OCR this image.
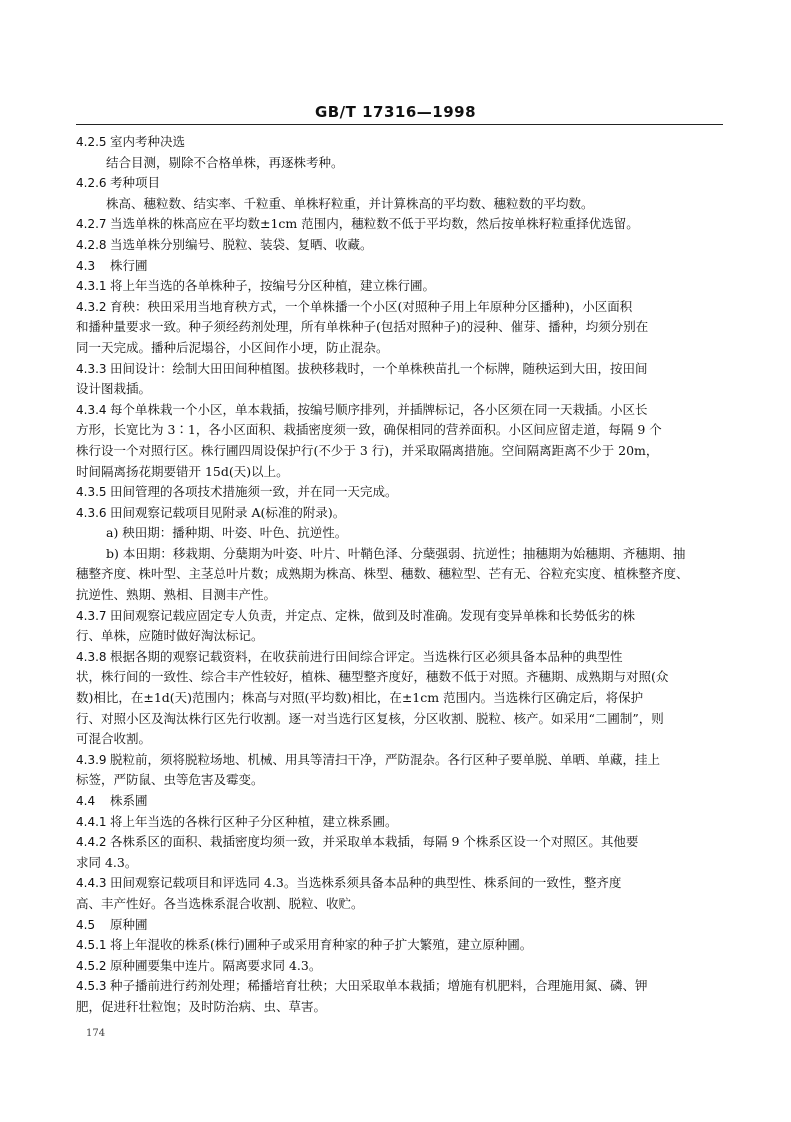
GB/T 17316—1998
4.2.5 室内考种决选
结合目测，剔除不合格单株，再逐株考种。
4.2.6 考种项目
株高、穗粒数、结实率、千粒重、单株籽粒重，并计算株高的平均数、穗粒数的平均数。
4.2.7 当选单株的株高应在平均数±1cm 范围内，穗粒数不低于平均数，然后按单株籽粒重择优选留。
4.2.8 当选单株分别编号、脱粒、装袋、复晒、收藏。
4.3 株行圃
4.3.1 将上年当选的各单株种子，按编号分区种植，建立株行圃。
4.3.2 育秧：秧田采用当地育秧方式，一个单株播一个小区(对照种子用上年原种分区播种)，小区面积
和播种量要求一致。种子须经药剂处理，所有单株种子(包括对照种子)的浸种、催芽、播种，均须分别在
同一天完成。播种后泥塌谷，小区间作小埂，防止混杂。
4.3.3 田间设计：绘制大田田间种植图。拔秧移栽时，一个单株秧苗扎一个标牌，随秧运到大田，按田间
设计图栽插。
4.3.4 每个单株栽一个小区，单本栽插，按编号顺序排列，并插牌标记，各小区须在同一天栽插。小区长
方形，长宽比为 3∶1，各小区面积、栽插密度须一致，确保相同的营养面积。小区间应留走道，每隔 9 个
株行设一个对照行区。株行圃四周设保护行(不少于 3 行)，并采取隔离措施。空间隔离距离不少于 20m，
时间隔离扬花期要错开 15d(天)以上。
4.3.5 田间管理的各项技术措施须一致，并在同一天完成。
4.3.6 田间观察记载项目见附录 A(标准的附录)。
a) 秧田期：播种期、叶姿、叶色、抗逆性。
b) 本田期：移栽期、分蘖期为叶姿、叶片、叶鞘色泽、分蘖强弱、抗逆性；抽穗期为始穗期、齐穗期、抽
穗整齐度、株叶型、主茎总叶片数；成熟期为株高、株型、穗数、穗粒型、芒有无、谷粒充实度、植株整齐度、
抗逆性、熟期、熟相、目测丰产性。
4.3.7 田间观察记载应固定专人负责，并定点、定株，做到及时准确。发现有变异单株和长势低劣的株
行、单株，应随时做好淘汰标记。
4.3.8 根据各期的观察记载资料，在收获前进行田间综合评定。当选株行区必须具备本品种的典型性
状，株行间的一致性、综合丰产性较好，植株、穗型整齐度好，穗数不低于对照。齐穗期、成熟期与对照(众
数)相比，在±1d(天)范围内；株高与对照(平均数)相比，在±1cm 范围内。当选株行区确定后，将保护
行、对照小区及淘汰株行区先行收割。逐一对当选行区复核，分区收割、脱粒、核产。如采用“二圃制”，则
可混合收割。
4.3.9 脱粒前，须将脱粒场地、机械、用具等清扫干净，严防混杂。各行区种子要单脱、单晒、单藏，挂上
标签，严防鼠、虫等危害及霉变。
4.4 株系圃
4.4.1 将上年当选的各株行区种子分区种植，建立株系圃。
4.4.2 各株系区的面积、栽插密度均须一致，并采取单本栽插，每隔 9 个株系区设一个对照区。其他要
求同 4.3。
4.4.3 田间观察记载项目和评选同 4.3。当选株系须具备本品种的典型性、株系间的一致性，整齐度
高、丰产性好。各当选株系混合收割、脱粒、收贮。
4.5 原种圃
4.5.1 将上年混收的株系(株行)圃种子或采用育种家的种子扩大繁殖，建立原种圃。
4.5.2 原种圃要集中连片。隔离要求同 4.3。
4.5.3 种子播前进行药剂处理；稀播培育壮秧；大田采取单本栽插；增施有机肥料，合理施用氮、磷、钾
肥，促进秆壮粒饱；及时防治病、虫、草害。
174
